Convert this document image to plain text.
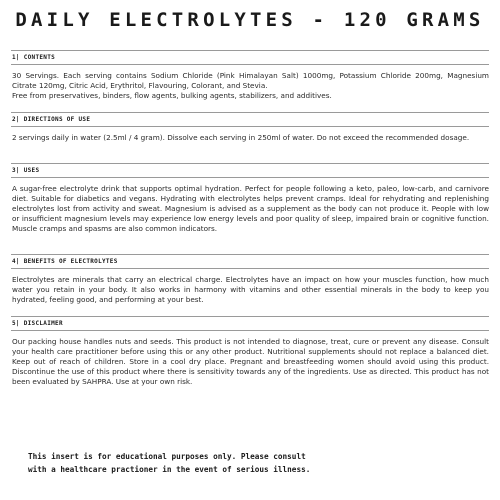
DAILY ELECTROLYTES - 120 GRAMS
1| CONTENTS

30 Servings. Each serving contains Sodium Chloride (Pink Himalayan Salt) 1000mg, Potassium Chloride 200mg, Magnesium Citrate 120mg, Citric Acid, Erythritol, Flavouring, Colorant, and Stevia.

Free from preservatives, binders, flow agents, bulking agents, stabilizers, and additives.

2| DIRECTIONS OF USE

2 servings daily in water (2.5ml / 4 gram). Dissolve each serving in 250ml of water. Do not exceed the recommended dosage.

3| USES

A sugar-free electrolyte drink that supports optimal hydration. Perfect for people following a keto, paleo, low-carb, and carnivore diet. Suitable for diabetics and vegans. Hydrating with electrolytes helps prevent cramps. Ideal for rehydrating and replenishing electrolytes lost from activity and sweat. Magnesium is advised as a supplement as the body can not produce it. People with low or insufficient magnesium levels may experience low energy levels and poor quality of sleep, impaired brain or cognitive function. Muscle cramps and spasms are also common indicators.

4| BENEFITS OF ELECTROLYTES

Electrolytes are minerals that carry an electrical charge. Electrolytes have an impact on how your muscles function, how much water you retain in your body. It also works in harmony with vitamins and other essential minerals in the body to keep you hydrated, feeling good, and performing at your best.

5| DISCLAIMER

Our packing house handles nuts and seeds. This product is not intended to diagnose, treat, cure or prevent any disease. Consult your health care practitioner before using this or any other product. Nutritional supplements should not replace a balanced diet. Keep out of reach of children. Store in a cool dry place. Pregnant and breastfeeding women should avoid using this product. Discontinue the use of this product where there is sensitivity towards any of the ingredients. Use as directed. This product has not been evaluated by SAHPRA. Use at your own risk.

This insert is for educational purposes only. Please consult

with a healthcare practioner in the event of serious illness.
